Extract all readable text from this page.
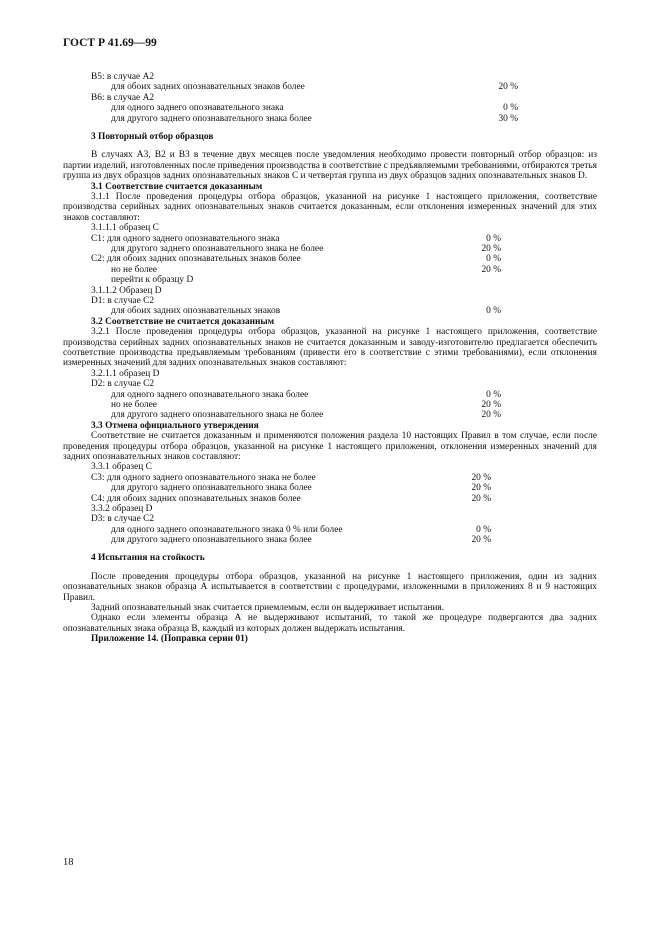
ГОСТ Р 41.69—99
B5: в случае А2
для обоих задних опознавательных знаков более	20 %
B6: в случае А2
для одного заднего опознавательного знака	0 %
для другого заднего опознавательного знака более	30 %
3 Повторный отбор образцов
В случаях А3, В2 и В3 в течение двух месяцев после уведомления необходимо провести повторный отбор образцов: из партии изделий, изготовленных после приведения производства в соответствие с предъявляемыми требованиями, отбираются третья группа из двух образцов задних опознавательных знаков С и четвертая группа из двух образцов задних опознавательных знаков D.
3.1 Соответствие считается доказанным
3.1.1 После проведения процедуры отбора образцов, указанной на рисунке 1 настоящего приложения, соответствие производства серийных задних опознавательных знаков считается доказанным, если отклонения измеренных значений для этих знаков составляют:
3.1.1.1 образец С
C1: для одного заднего опознавательного знака	0 %
для другого заднего опознавательного знака не более	20 %
C2: для обоих задних опознавательных знаков более	0 %
но не более	20 %
перейти к образцу D
3.1.1.2 Образец D
D1: в случае С2
для обоих задних опознавательных знаков	0 %
3.2 Соответствие не считается доказанным
3.2.1 После проведения процедуры отбора образцов, указанной на рисунке 1 настоящего приложения, соответствие производства серийных задних опознавательных знаков не считается доказанным и заводу-изготовителю предлагается обеспечить соответствие производства предъявляемым требованиям (привести его в соответствие с этими требованиями), если отклонения измеренных значений для задних опознавательных знаков составляют:
3.2.1.1 образец D
D2: в случае С2
для одного заднего опознавательного знака более	0 %
но не более	20 %
для другого заднего опознавательного знака не более	20 %
3.3 Отмена официального утверждения
Соответствие не считается доказанным и применяются положения раздела 10 настоящих Правил в том случае, если после проведения процедуры отбора образцов, указанной на рисунке 1 настоящего приложения, отклонения измеренных значений для задних опознавательных знаков составляют:
3.3.1 образец С
C3: для одного заднего опознавательного знака не более	20 %
для другого заднего опознавательного знака более	20 %
C4: для обоих задних опознавательных знаков более	20 %
3.3.2 образец D
D3: в случае С2
для одного заднего опознавательного знака 0 % или более	0 %
для другого заднего опознавательного знака более	20 %
4 Испытания на стойкость
После проведения процедуры отбора образцов, указанной на рисунке 1 настоящего приложения, один из задних опознавательных знаков образца А испытывается в соответствии с процедурами, изложенными в приложениях 8 и 9 настоящих Правил.
Задний опознавательный знак считается приемлемым, если он выдерживает испытания.
Однако если элементы образца А не выдерживают испытаний, то такой же процедуре подвергаются два задних опознавательных знака образца В, каждый из которых должен выдержать испытания.
Приложение 14. (Поправка серии 01)
18
